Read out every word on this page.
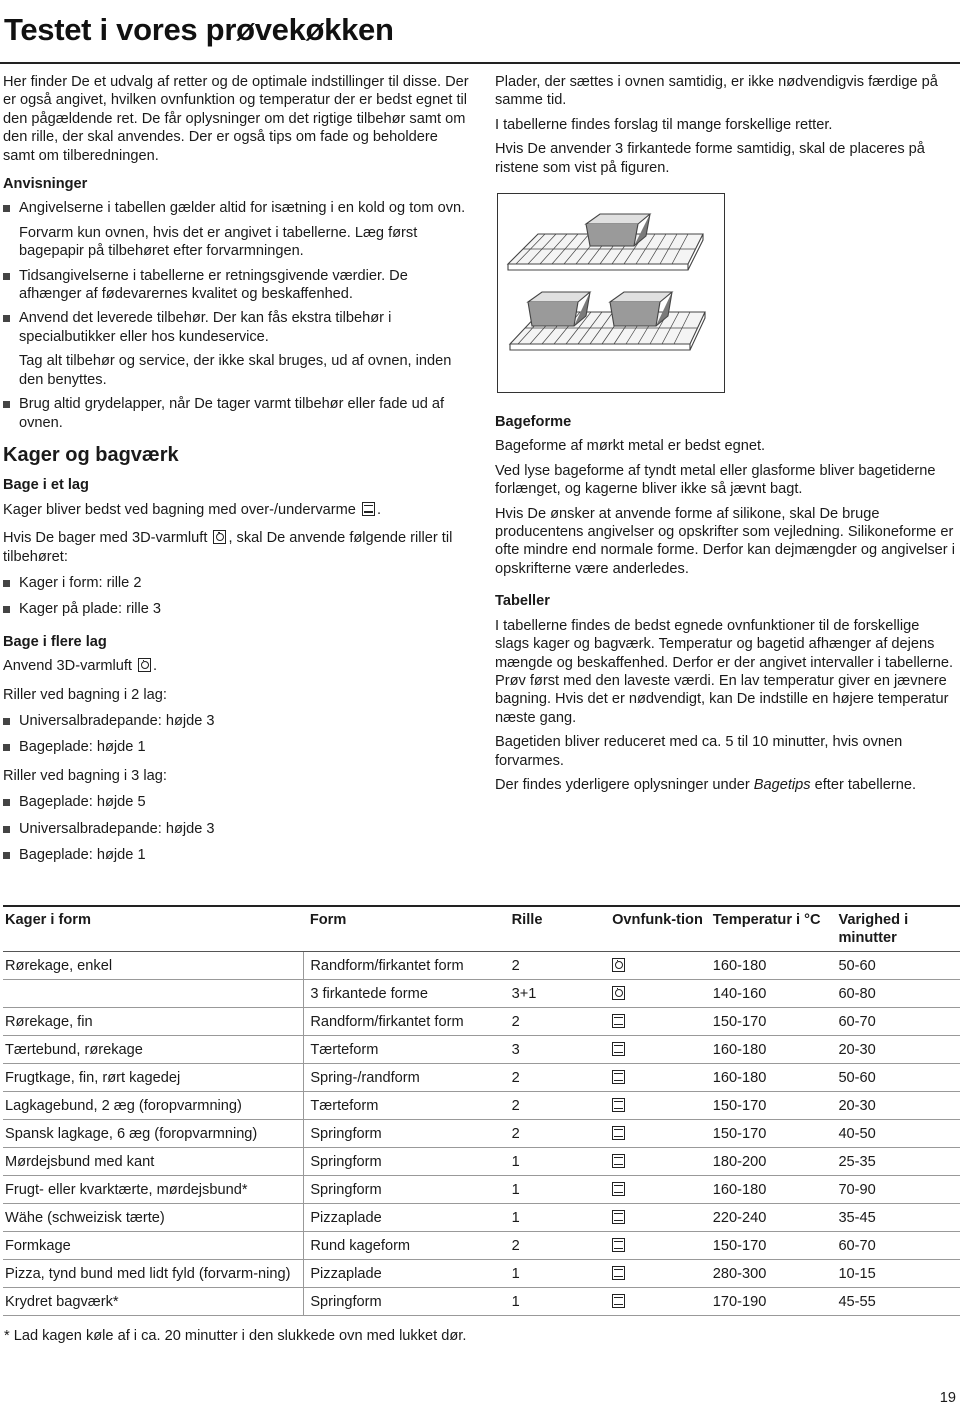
Testet i vores prøvekøkken

Her finder De et udvalg af retter og de optimale indstillinger til disse. Der er også angivet, hvilken ovnfunktion og temperatur der er bedst egnet til den pågældende ret. De får oplysninger om det rigtige tilbehør samt om den rille, der skal anvendes. Der er også tips om fade og beholdere samt om tilberedningen.

Anvisninger
Angivelserne i tabellen gælder altid for isætning i en kold og tom ovn.

Forvarm kun ovnen, hvis det er angivet i tabellerne. Læg først bagepapir på tilbehøret efter forvarmningen.

Tidsangivelserne i tabellerne er retningsgivende værdier. De afhænger af fødevarernes kvalitet og beskaffenhed.
Anvend det leverede tilbehør. Der kan fås ekstra tilbehør i specialbutikker eller hos kundeservice.

Tag alt tilbehør og service, der ikke skal bruges, ud af ovnen, inden den benyttes.

Brug altid grydelapper, når De tager varmt tilbehør eller fade ud af ovnen.
Kager og bagværk
Bage i et lag

Kager bliver bedst ved bagning med over-/undervarme .

Hvis De bager med 3D-varmluft , skal De anvende følgende riller til tilbehøret:

Kager i form: rille 2
Kager på plade: rille 3
Bage i flere lag

Anvend 3D-varmluft .

Riller ved bagning i 2 lag:

Universalbradepande: højde 3
Bageplade: højde 1

Riller ved bagning i 3 lag:

Bageplade: højde 5
Universalbradepande: højde 3
Bageplade: højde 1

Plader, der sættes i ovnen samtidig, er ikke nødvendigvis færdige på samme tid.

I tabellerne findes forslag til mange forskellige retter.

Hvis De anvender 3 firkantede forme samtidig, skal de placeres på ristene som vist på figuren.

Bageforme

Bageforme af mørkt metal er bedst egnet.

Ved lyse bageforme af tyndt metal eller glasforme bliver bagetiderne forlænget, og kagerne bliver ikke så jævnt bagt.

Hvis De ønsker at anvende forme af silikone, skal De bruge producentens angivelser og opskrifter som vejledning. Silikoneforme er ofte mindre end normale forme. Derfor kan dejmængder og angivelser i opskrifterne være anderledes.

Tabeller

I tabellerne findes de bedst egnede ovnfunktioner til de forskellige slags kager og bagværk. Temperatur og bagetid afhænger af dejens mængde og beskaffenhed. Derfor er der angivet intervaller i tabellerne. Prøv først med den laveste værdi. En lav temperatur giver en jævnere bagning. Hvis det er nødvendigt, kan De indstille en højere temperatur næste gang.

Bagetiden bliver reduceret med ca. 5 til 10 minutter, hvis ovnen forvarmes.

Der findes yderligere oplysninger under Bagetips efter tabellerne.

Kager i form	Form	Rille	Ovnfunk-tion	Temperatur i °C	Varighed i minutter
Rørekage, enkel	Randform/firkantet form	2		160-180	50-60
	3 firkantede forme	3+1		140-160	60-80
Rørekage, fin	Randform/firkantet form	2		150-170	60-70
Tærtebund, rørekage	Tærteform	3		160-180	20-30
Frugtkage, fin, rørt kagedej	Spring-/randform	2		160-180	50-60
Lagkagebund, 2 æg (foropvarmning)	Tærteform	2		150-170	20-30
Spansk lagkage, 6 æg (foropvarmning)	Springform	2		150-170	40-50
Mørdejsbund med kant	Springform	1		180-200	25-35
Frugt- eller kvarktærte, mørdejsbund*	Springform	1		160-180	70-90
Wähe (schweizisk tærte)	Pizzaplade	1		220-240	35-45
Formkage	Rund kageform	2		150-170	60-70
Pizza, tynd bund med lidt fyld (forvarm-ning)	Pizzaplade	1		280-300	10-15
Krydret bagværk*	Springform	1		170-190	45-55
* Lad kagen køle af i ca. 20 minutter i den slukkede ovn med lukket dør.
19
